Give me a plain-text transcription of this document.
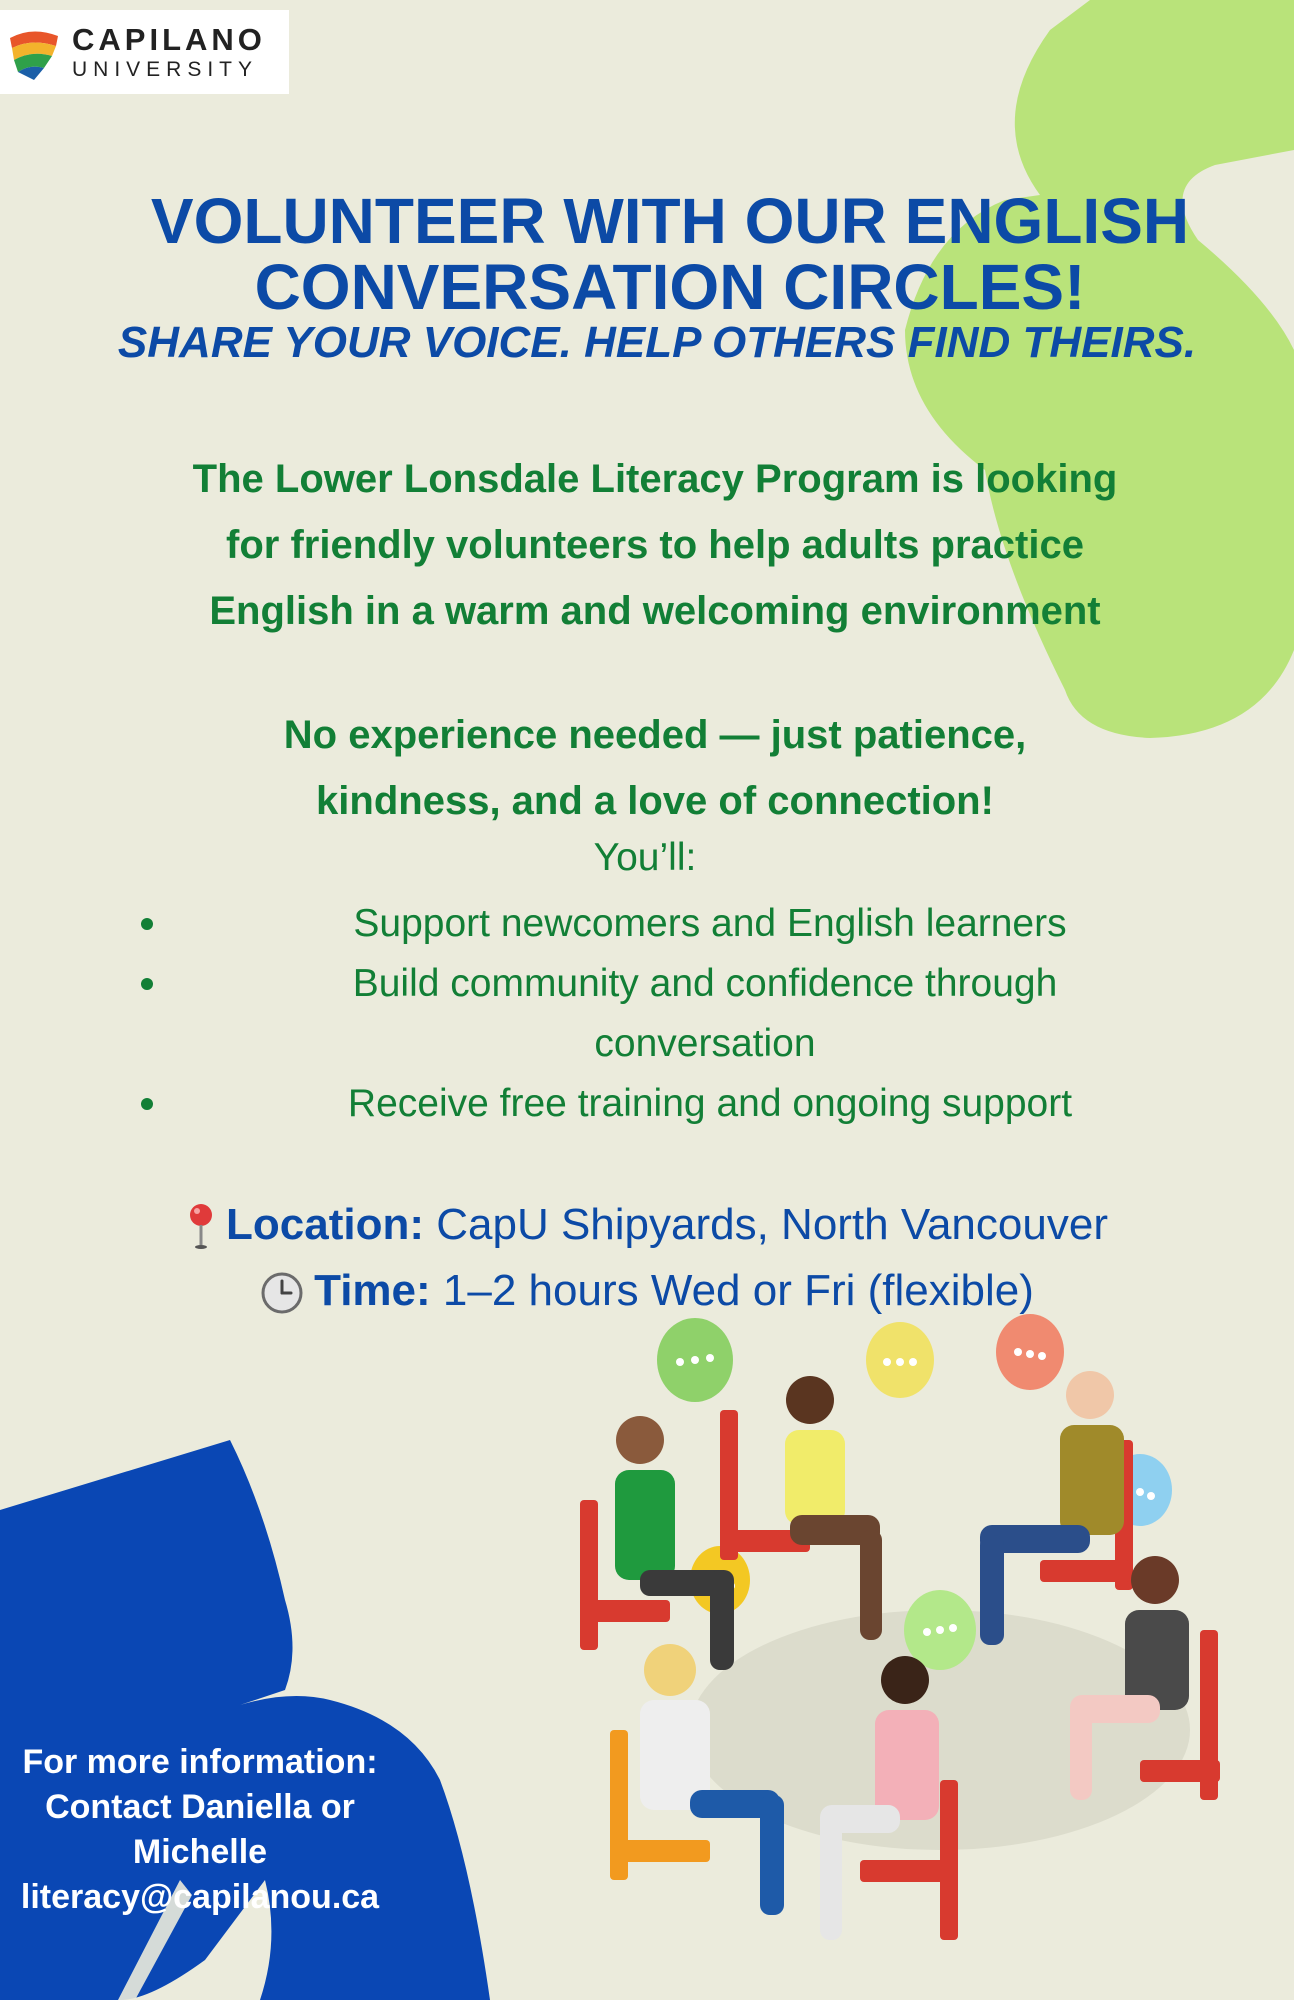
CAPILANO
UNIVERSITY
VOLUNTEER WITH OUR ENGLISH
CONVERSATION CIRCLES!

SHARE YOUR VOICE. HELP OTHERS FIND THEIRS.

The Lower Lonsdale Literacy Program is looking
for friendly volunteers to help adults practice
English in a warm and welcoming environment

No experience needed — just patience,
kindness, and a love of connection!

You’ll:

Support newcomers and English learners
Build community and confidence through conversation
Receive free training and ongoing support

Location: CapU Shipyards, North Vancouver

Time: 1–2 hours Wed or Fri (flexible)

For more information:
Contact Daniella or
Michelle
literacy@capilanou.ca
